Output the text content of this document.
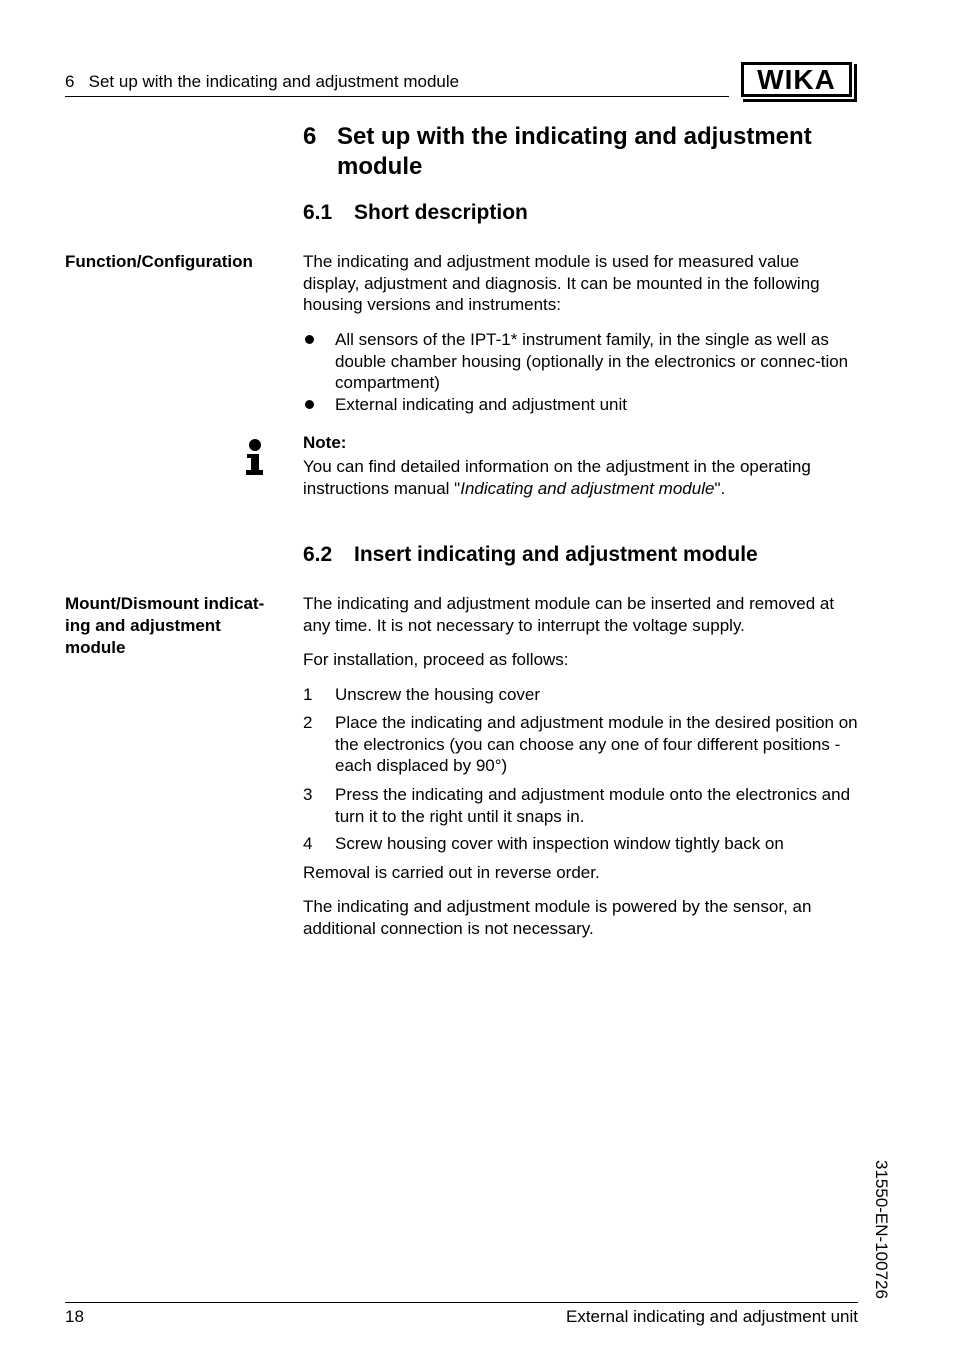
6   Set up with the indicating and adjustment module	WIKA
6 Set up with the indicating and adjustment module
6.1 Short description
Function/Configuration	The indicating and adjustment module is used for measured value display, adjustment and diagnosis. It can be mounted in the following housing versions and instruments:
All sensors of the IPT-1* instrument family, in the single as well as double chamber housing (optionally in the electronics or connec-tion compartment)
External indicating and adjustment unit
Note:
You can find detailed information on the adjustment in the operating instructions manual "Indicating and adjustment module".
6.2 Insert indicating and adjustment module
Mount/Dismount indicat-ing and adjustment module
The indicating and adjustment module can be inserted and removed at any time. It is not necessary to interrupt the voltage supply.
For installation, proceed as follows:
1 Unscrew the housing cover
2 Place the indicating and adjustment module in the desired position on the electronics (you can choose any one of four different positions - each displaced by 90°)
3 Press the indicating and adjustment module onto the electronics and turn it to the right until it snaps in.
4 Screw housing cover with inspection window tightly back on
Removal is carried out in reverse order.
The indicating and adjustment module is powered by the sensor, an additional connection is not necessary.
31550-EN-100726
18	External indicating and adjustment unit
